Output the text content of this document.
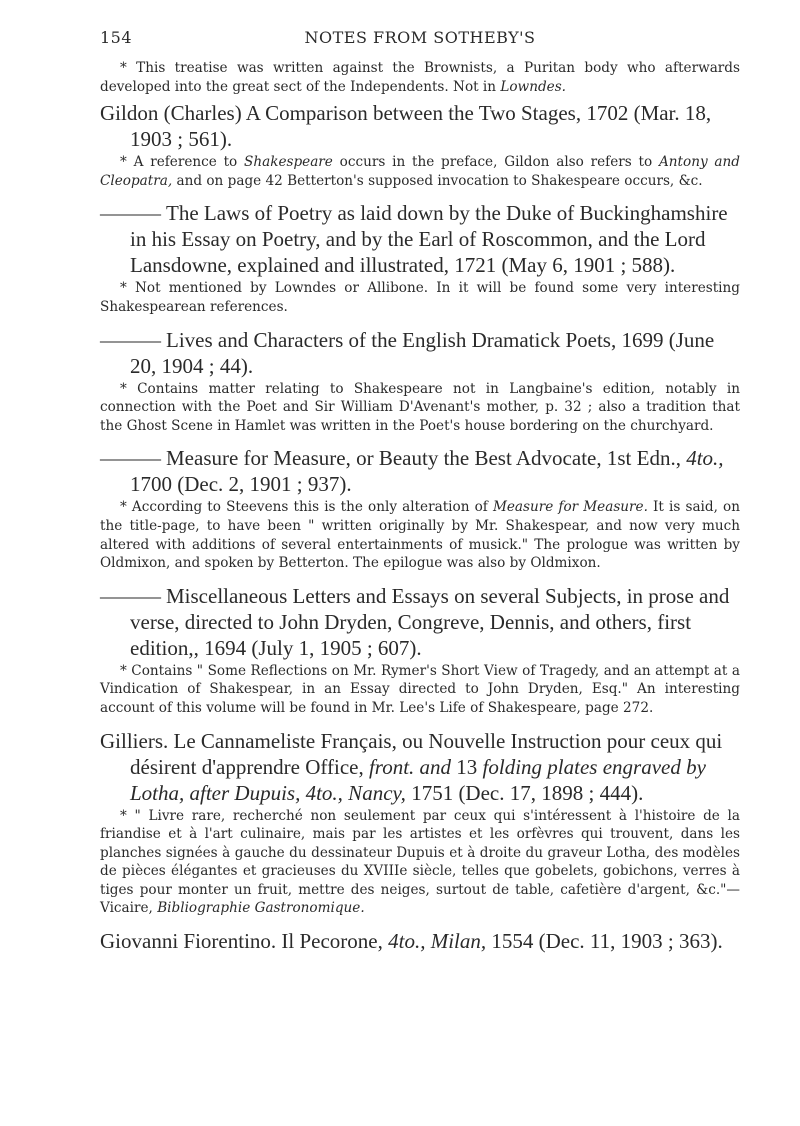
154	NOTES FROM SOTHEBY'S

* This treatise was written against the Brownists, a Puritan body who afterwards developed into the great sect of the Independents. Not in Lowndes.

Gildon (Charles) A Comparison between the Two Stages, 1702 (Mar. 18, 1903 ; 561).

* A reference to Shakespeare occurs in the preface, Gildon also refers to Antony and Cleopatra, and on page 42 Betterton's supposed invocation to Shakespeare occurs, &c.

——— The Laws of Poetry as laid down by the Duke of Buckinghamshire in his Essay on Poetry, and by the Earl of Roscommon, and the Lord Lansdowne, explained and illustrated, 1721 (May 6, 1901 ; 588).

* Not mentioned by Lowndes or Allibone. In it will be found some very interesting Shakespearean references.

——— Lives and Characters of the English Dramatick Poets, 1699 (June 20, 1904 ; 44).

* Contains matter relating to Shakespeare not in Langbaine's edition, notably in connection with the Poet and Sir William D'Avenant's mother, p. 32 ; also a tradition that the Ghost Scene in Hamlet was written in the Poet's house bordering on the churchyard.

——— Measure for Measure, or Beauty the Best Advocate, 1st Edn., 4to., 1700 (Dec. 2, 1901 ; 937).

* According to Steevens this is the only alteration of Measure for Measure. It is said, on the title-page, to have been " written originally by Mr. Shakespear, and now very much altered with additions of several entertainments of musick." The prologue was written by Oldmixon, and spoken by Betterton. The epilogue was also by Oldmixon.

——— Miscellaneous Letters and Essays on several Subjects, in prose and verse, directed to John Dryden, Congreve, Dennis, and others, first edition,, 1694 (July 1, 1905 ; 607).

* Contains " Some Reflections on Mr. Rymer's Short View of Tragedy, and an attempt at a Vindication of Shakespear, in an Essay directed to John Dryden, Esq." An interesting account of this volume will be found in Mr. Lee's Life of Shakespeare, page 272.

Gilliers. Le Cannameliste Français, ou Nouvelle Instruction pour ceux qui désirent d'apprendre Office, front. and 13 folding plates engraved by Lotha, after Dupuis, 4to., Nancy, 1751 (Dec. 17, 1898 ; 444).

* " Livre rare, recherché non seulement par ceux qui s'intéressent à l'histoire de la friandise et à l'art culinaire, mais par les artistes et les orfèvres qui trouvent, dans les planches signées à gauche du dessinateur Dupuis et à droite du graveur Lotha, des modèles de pièces élégantes et gracieuses du XVIIIe siècle, telles que gobelets, gobichons, verres à tiges pour monter un fruit, mettre des neiges, surtout de table, cafetière d'argent, &c."—Vicaire, Bibliographie Gastronomique.

Giovanni Fiorentino. Il Pecorone, 4to., Milan, 1554 (Dec. 11, 1903 ; 363).
